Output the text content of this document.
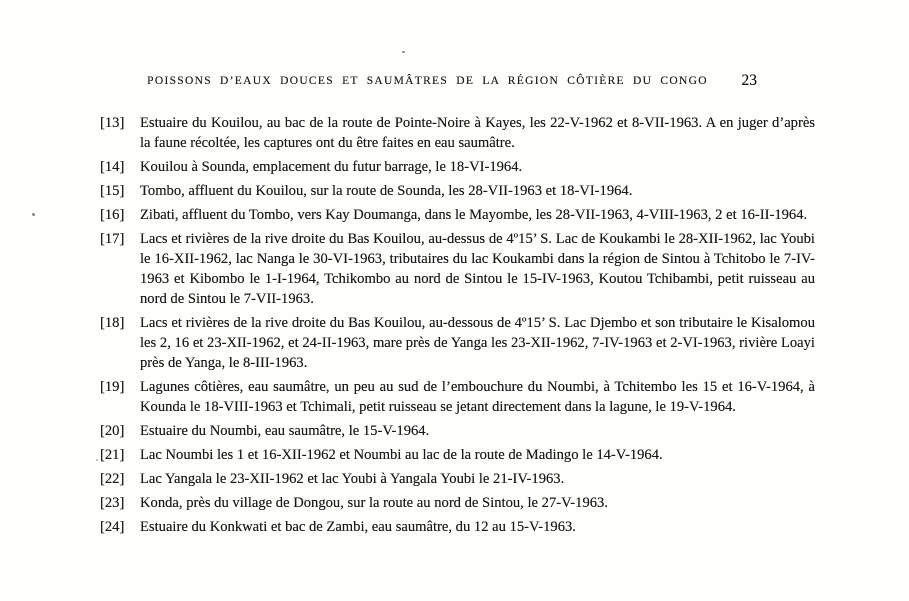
POISSONS D’EAUX DOUCES ET SAUMÂTRES DE LA RÉGION CÔTIÈRE DU CONGO	23
[13]	Estuaire du Kouilou, au bac de la route de Pointe-Noire à Kayes, les 22-V-1962 et 8-VII-1963. A en juger d’après la faune récoltée, les captures ont du être faites en eau saumâtre.
[14]	Kouilou à Sounda, emplacement du futur barrage, le 18-VI-1964.
[15]	Tombo, affluent du Kouilou, sur la route de Sounda, les 28-VII-1963 et 18-VI-1964.
[16]	Zibati, affluent du Tombo, vers Kay Doumanga, dans le Mayombe, les 28-VII-1963, 4-VIII-1963, 2 et 16-II-1964.
[17]	Lacs et rivières de la rive droite du Bas Kouilou, au-dessus de 4º15’ S. Lac de Koukambi le 28-XII-1962, lac Youbi le 16-XII-1962, lac Nanga le 30-VI-1963, tributaires du lac Koukambi dans la région de Sintou à Tchitobo le 7-IV-1963 et Kibombo le 1-I-1964, Tchikombo au nord de Sintou le 15-IV-1963, Koutou Tchibambi, petit ruisseau au nord de Sintou le 7-VII-1963.
[18]	Lacs et rivières de la rive droite du Bas Kouilou, au-dessous de 4º15’ S. Lac Djembo et son tributaire le Kisalomou les 2, 16 et 23-XII-1962, et 24-II-1963, mare près de Yanga les 23-XII-1962, 7-IV-1963 et 2-VI-1963, rivière Loayi près de Yanga, le 8-III-1963.
[19]	Lagunes côtières, eau saumâtre, un peu au sud de l’embouchure du Noumbi, à Tchitembo les 15 et 16-V-1964, à Kounda le 18-VIII-1963 et Tchimali, petit ruisseau se jetant directement dans la lagune, le 19-V-1964.
[20]	Estuaire du Noumbi, eau saumâtre, le 15-V-1964.
[21]	Lac Noumbi les 1 et 16-XII-1962 et Noumbi au lac de la route de Madingo le 14-V-1964.
[22]	Lac Yangala le 23-XII-1962 et lac Youbi à Yangala Youbi le 21-IV-1963.
[23]	Konda, près du village de Dongou, sur la route au nord de Sintou, le 27-V-1963.
[24]	Estuaire du Konkwati et bac de Zambi, eau saumâtre, du 12 au 15-V-1963.
